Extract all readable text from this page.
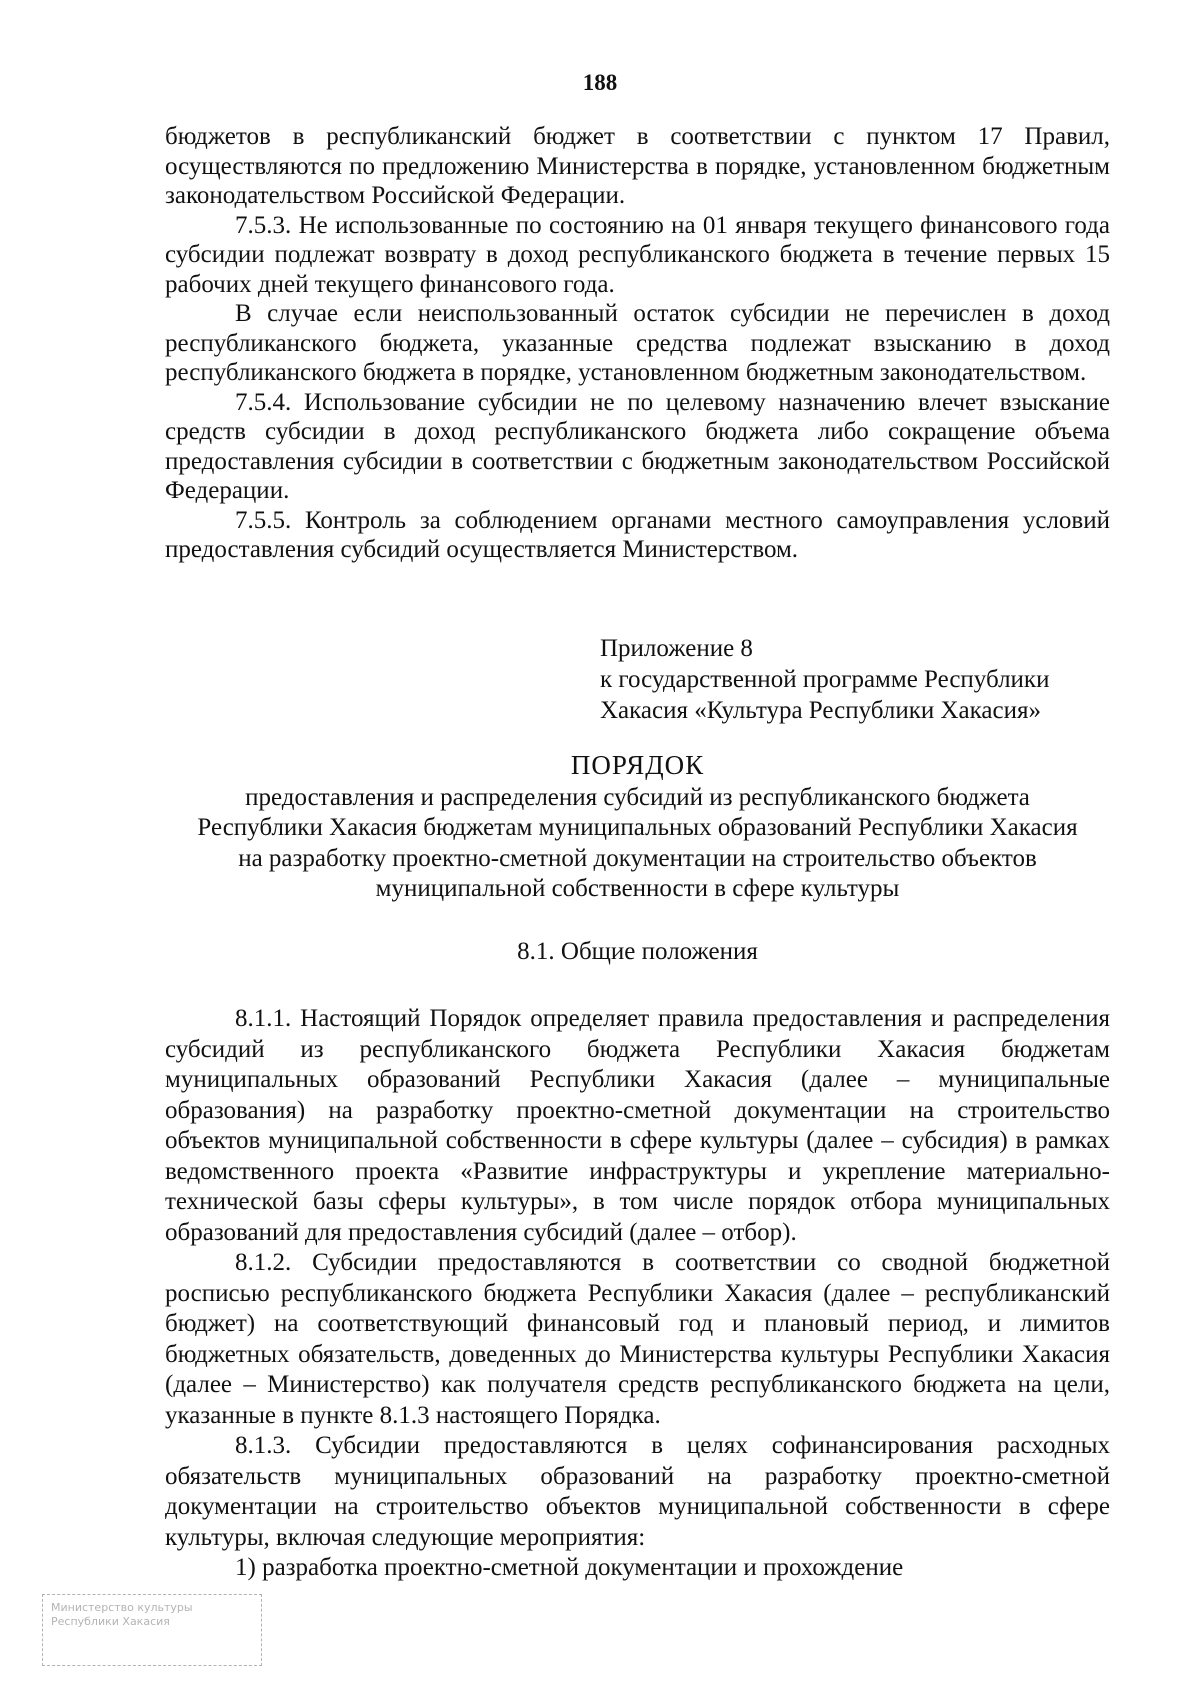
188

бюджетов в республиканский бюджет в соответствии с пунктом 17 Правил, осуществляются по предложению Министерства в порядке, установленном бюджетным законодательством Российской Федерации.

7.5.3. Не использованные по состоянию на 01 января текущего финансового года субсидии подлежат возврату в доход республиканского бюджета в течение первых 15 рабочих дней текущего финансового года.

В случае если неиспользованный остаток субсидии не перечислен в доход республиканского бюджета, указанные средства подлежат взысканию в доход республиканского бюджета в порядке, установленном бюджетным законодательством.

7.5.4. Использование субсидии не по целевому назначению влечет взыскание средств субсидии в доход республиканского бюджета либо сокращение объема предоставления субсидии в соответствии с бюджетным законодательством Российской Федерации.

7.5.5. Контроль за соблюдением органами местного самоуправления условий предоставления субсидий осуществляется Министерством.

Приложение 8
к государственной программе Республики
Хакасия «Культура Республики Хакасия»
ПОРЯДОК
предоставления и распределения субсидий из республиканского бюджета
Республики Хакасия бюджетам муниципальных образований Республики Хакасия
на разработку проектно-сметной документации на строительство объектов
муниципальной собственности в сфере культуры
8.1. Общие положения

8.1.1. Настоящий Порядок определяет правила предоставления и распределения субсидий из республиканского бюджета Республики Хакасия бюджетам муниципальных образований Республики Хакасия (далее – муниципальные образования) на разработку проектно-сметной документации на строительство объектов муниципальной собственности в сфере культуры (далее – субсидия) в рамках ведомственного проекта «Развитие инфраструктуры и укрепление материально-технической базы сферы культуры», в том числе порядок отбора муниципальных образований для предоставления субсидий (далее – отбор).

8.1.2. Субсидии предоставляются в соответствии со сводной бюджетной росписью республиканского бюджета Республики Хакасия (далее – республиканский бюджет) на соответствующий финансовый год и плановый период, и лимитов бюджетных обязательств, доведенных до Министерства культуры Республики Хакасия (далее – Министерство) как получателя средств республиканского бюджета на цели, указанные в пункте 8.1.3 настоящего Порядка.

8.1.3. Субсидии предоставляются в целях софинансирования расходных обязательств муниципальных образований на разработку проектно-сметной документации на строительство объектов муниципальной собственности в сфере культуры, включая следующие мероприятия:

1) разработка проектно-сметной документации и прохождение

Министерство культуры
Республики Хакасия
